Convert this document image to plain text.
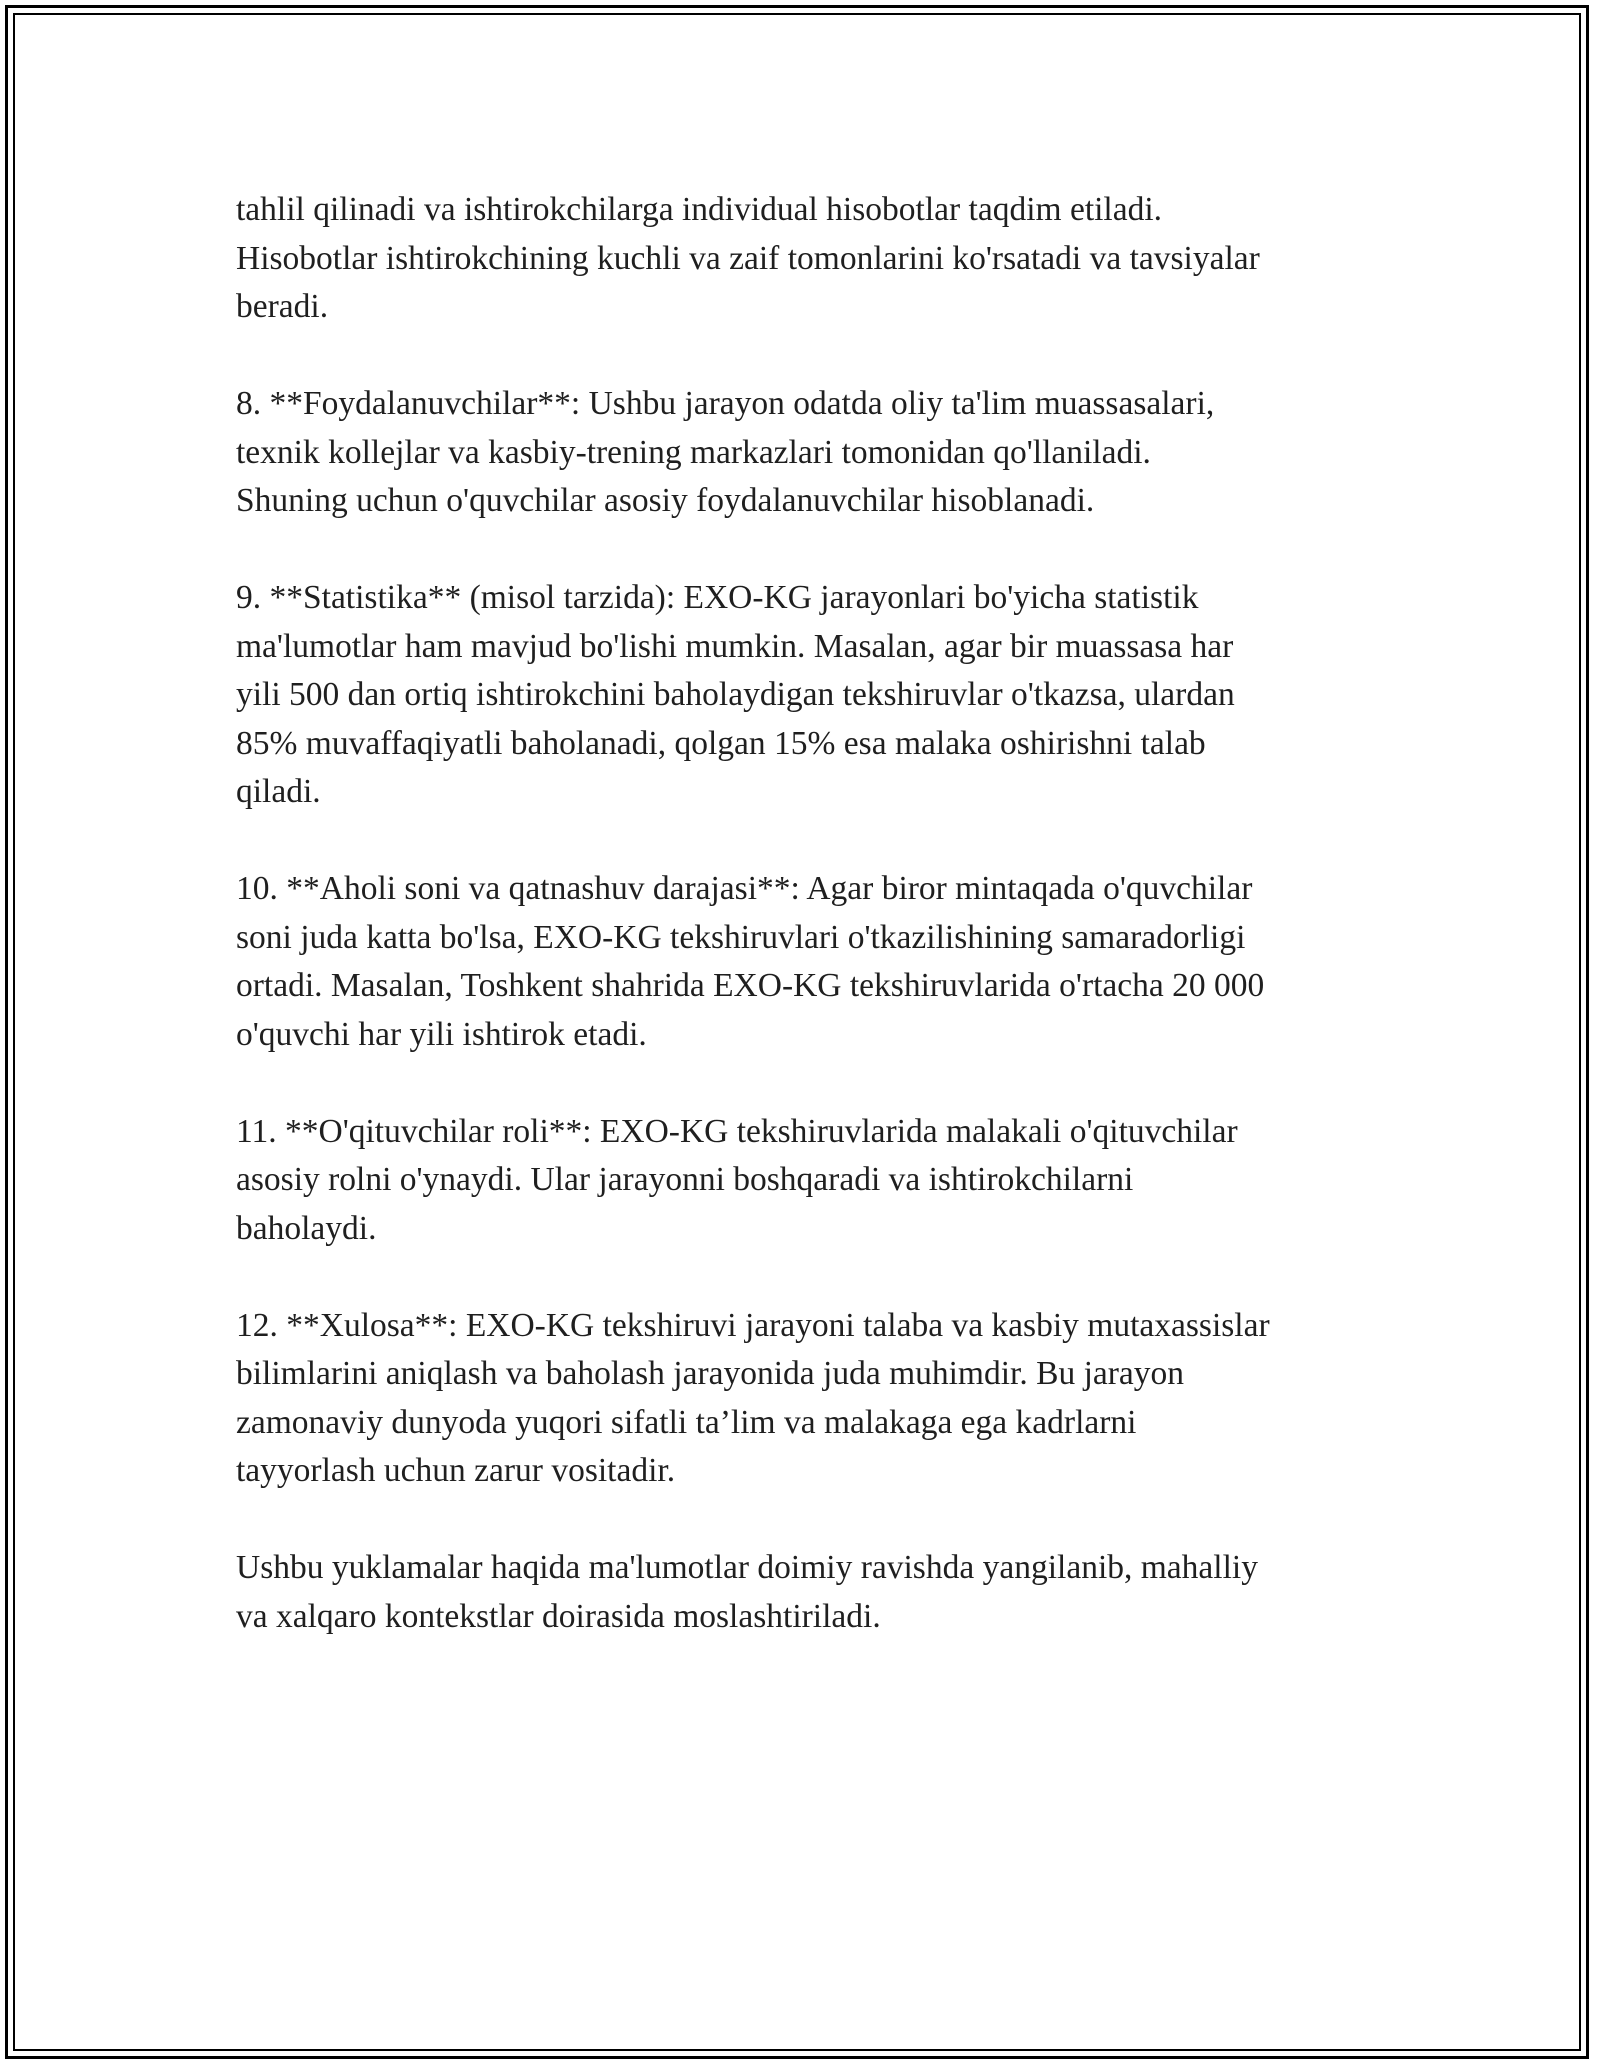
tahlil qilinadi va ishtirokchilarga individual hisobotlar taqdim etiladi.
Hisobotlar ishtirokchining kuchli va zaif tomonlarini ko'rsatadi va tavsiyalar
beradi.

8. **Foydalanuvchilar**: Ushbu jarayon odatda oliy ta'lim muassasalari,
texnik kollejlar va kasbiy-trening markazlari tomonidan qo'llaniladi.
Shuning uchun o'quvchilar asosiy foydalanuvchilar hisoblanadi.

9. **Statistika** (misol tarzida): EXO-KG jarayonlari bo'yicha statistik
ma'lumotlar ham mavjud bo'lishi mumkin. Masalan, agar bir muassasa har
yili 500 dan ortiq ishtirokchini baholaydigan tekshiruvlar o'tkazsa, ulardan
85% muvaffaqiyatli baholanadi, qolgan 15% esa malaka oshirishni talab
qiladi.

10. **Aholi soni va qatnashuv darajasi**: Agar biror mintaqada o'quvchilar
soni juda katta bo'lsa, EXO-KG tekshiruvlari o'tkazilishining samaradorligi
ortadi. Masalan, Toshkent shahrida EXO-KG tekshiruvlarida o'rtacha 20 000
o'quvchi har yili ishtirok etadi.

11. **O'qituvchilar roli**: EXO-KG tekshiruvlarida malakali o'qituvchilar
asosiy rolni o'ynaydi. Ular jarayonni boshqaradi va ishtirokchilarni
baholaydi.

12. **Xulosa**: EXO-KG tekshiruvi jarayoni talaba va kasbiy mutaxassislar
bilimlarini aniqlash va baholash jarayonida juda muhimdir. Bu jarayon
zamonaviy dunyoda yuqori sifatli ta’lim va malakaga ega kadrlarni
tayyorlash uchun zarur vositadir.

Ushbu yuklamalar haqida ma'lumotlar doimiy ravishda yangilanib, mahalliy
va xalqaro kontekstlar doirasida moslashtiriladi.
